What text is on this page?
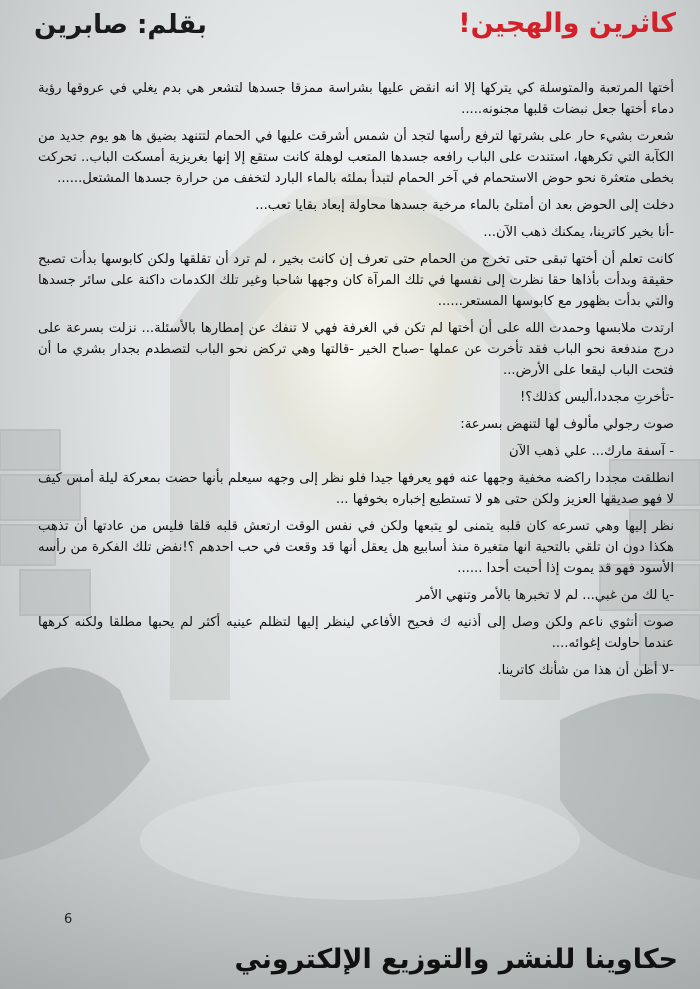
كاثرين والهجين!
بقلم: صابرين

أختها المرتعبة والمتوسلة كي يتركها إلا انه انقض عليها بشراسة ممزقا جسدها لتشعر هي بدم يغلي في عروقها رؤية دماء أختها جعل نبضات قلبها مجنونه.....

شعرت بشيء حار على بشرتها لترفع رأسها لتجد أن شمس أشرقت عليها في الحمام لتتنهد بضيق ها هو يوم جديد من الكآبة التي تكرهها، استندت على الباب رافعه جسدها المتعب لوهلة كانت ستقع إلا إنها بغريزية أمسكت الباب.. تحركت بخطى متعثرة نحو حوض الاستحمام في آخر الحمام لتبدأ بملئه بالماء البارد لتخفف من حرارة جسدها المشتعل......

دخلت إلى الحوض بعد ان أمتلئ بالماء مرخية جسدها محاولة إبعاد بقايا تعب...

-أنا بخير كاترينا، يمكنك ذهب الآن...

كانت تعلم أن أختها تبقى حتى تخرج من الحمام حتى تعرف إن كانت بخير ، لم ترد أن تقلقها ولكن كابوسها بدأت تصبح حقيقة وبدأت بأذاها حقا نظرت إلى نفسها في تلك المرآة كان وجهها شاحبا وغير تلك الكدمات داكنة على سائر جسدها والتي بدأت بظهور مع كابوسها المستعر......

ارتدت ملابسها وحمدت الله على أن أختها لم تكن في الغرفة فهي لا تنفك عن إمطارها بالأسئلة... نزلت بسرعة على درج مندفعة نحو الباب فقد تأخرت عن عملها -صباح الخير -قالتها وهي تركض نحو الباب لتصطدم بجدار بشري ما أن فتحت الباب ليقعا على الأرض...

-تأخرتِ مجددا،أليس كذلك؟!

صوت رجولي مألوف لها لتنهض بسرعة:

- آسفة مارك... علي ذهب الآن

انطلقت مجددا راكضه مخفية وجهها عنه فهو يعرفها جيدا فلو نظر إلى وجهه سيعلم بأنها حضت بمعركة ليلة أمس كيف لا فهو صديقها العزيز ولكن حتى هو لا تستطيع إخباره بخوفها ...

نظر إليها وهي تسرعه كان قلبه يتمنى لو يتبعها ولكن في نفس الوقت ارتعش قلبه قلقا فليس من عادتها أن تذهب هكذا دون ان تلقي بالتحية انها متغيرة منذ أسابيع هل يعقل أنها قد وقعت في حب احدهم ؟!نفض تلك الفكرة من رأسه الأسود فهو قد يموت إذا أحبت أحدا ......

-يا لك من غبي... لم لا تخبرها بالأمر وتنهي الأمر

صوت أنثوي ناعم ولكن وصل إلى أذنيه ك فحيح الأفاعي لينظر إليها لتظلم عينيه أكثر لم يحبها مطلقا ولكنه كرهها عندما حاولت إغوائه....

-لا أظن أن هذا من شأنك كاترينا.

6
حكاوينا للنشر والتوزيع الإلكتروني
